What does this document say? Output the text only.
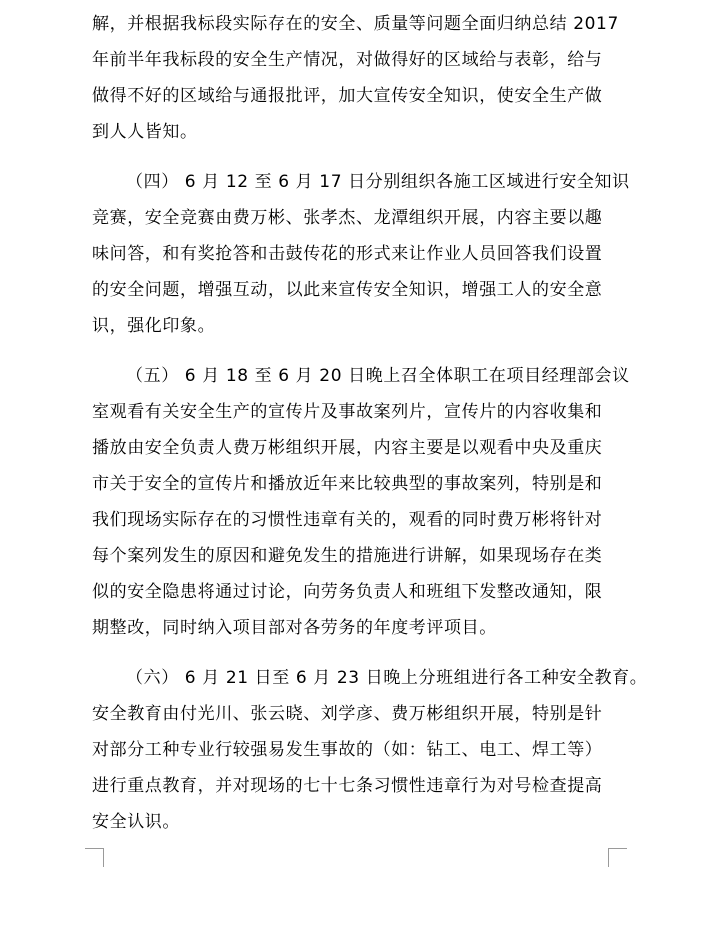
解，并根据我标段实际存在的安全、质量等问题全面归纳总结 2017
年前半年我标段的安全生产情况，对做得好的区域给与表彰，给与
做得不好的区域给与通报批评，加大宣传安全知识，使安全生产做
到人人皆知。
（四） 6 月 12 至 6 月 17 日分别组织各施工区域进行安全知识
竞赛，安全竞赛由费万彬、张孝杰、龙潭组织开展，内容主要以趣
味问答，和有奖抢答和击鼓传花的形式来让作业人员回答我们设置
的安全问题，增强互动，以此来宣传安全知识，增强工人的安全意
识，强化印象。
（五） 6 月 18 至 6 月 20 日晚上召全体职工在项目经理部会议
室观看有关安全生产的宣传片及事故案列片，宣传片的内容收集和
播放由安全负责人费万彬组织开展，内容主要是以观看中央及重庆
市关于安全的宣传片和播放近年来比较典型的事故案列，特别是和
我们现场实际存在的习惯性违章有关的，观看的同时费万彬将针对
每个案列发生的原因和避免发生的措施进行讲解，如果现场存在类
似的安全隐患将通过讨论，向劳务负责人和班组下发整改通知，限
期整改，同时纳入项目部对各劳务的年度考评项目。
（六） 6 月 21 日至 6 月 23 日晚上分班组进行各工种安全教育。
安全教育由付光川、张云晓、刘学彦、费万彬组织开展，特别是针
对部分工种专业行较强易发生事故的（如：钻工、电工、焊工等）
进行重点教育，并对现场的七十七条习惯性违章行为对号检查提高
安全认识。
